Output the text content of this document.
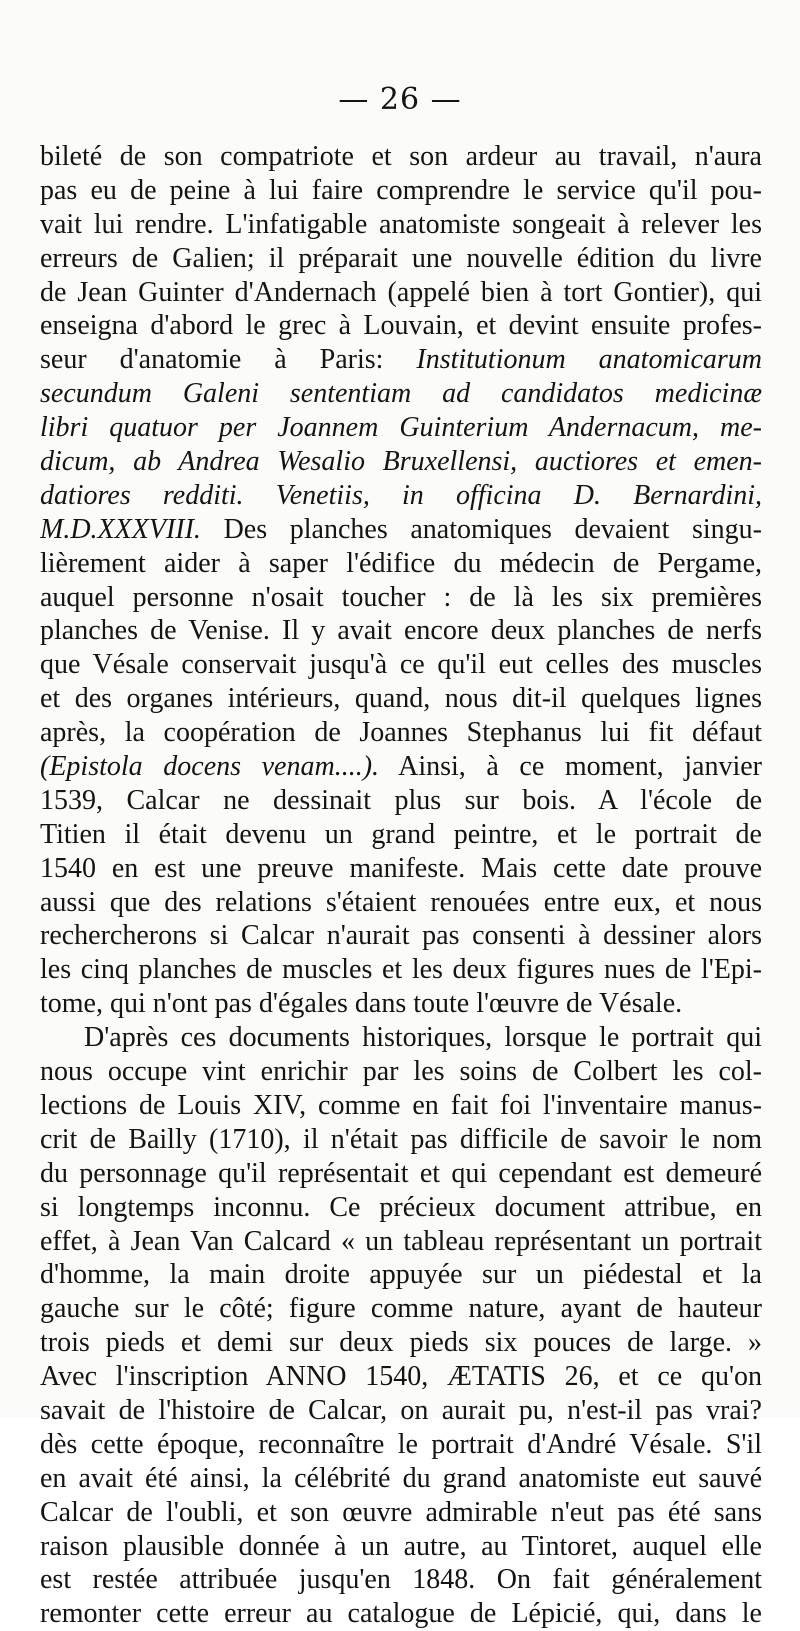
— 26 —
bileté de son compatriote et son ardeur au travail, n'aura
pas eu de peine à lui faire comprendre le service qu'il pou-
vait lui rendre. L'infatigable anatomiste songeait à relever les
erreurs de Galien; il préparait une nouvelle édition du livre
de Jean Guinter d'Andernach (appelé bien à tort Gontier), qui
enseigna d'abord le grec à Louvain, et devint ensuite profes-
seur d'anatomie à Paris: Institutionum anatomicarum
secundum Galeni sententiam ad candidatos medicinæ
libri quatuor per Joannem Guinterium Andernacum, me-
dicum, ab Andrea Wesalio Bruxellensi, auctiores et emen-
datiores redditi. Venetiis, in officina D. Bernardini,
M.D.XXXVIII. Des planches anatomiques devaient singu-
lièrement aider à saper l'édifice du médecin de Pergame,
auquel personne n'osait toucher : de là les six premières
planches de Venise. Il y avait encore deux planches de nerfs
que Vésale conservait jusqu'à ce qu'il eut celles des muscles
et des organes intérieurs, quand, nous dit-il quelques lignes
après, la coopération de Joannes Stephanus lui fit défaut
(Epistola docens venam....). Ainsi, à ce moment, janvier
1539, Calcar ne dessinait plus sur bois. A l'école de
Titien il était devenu un grand peintre, et le portrait de
1540 en est une preuve manifeste. Mais cette date prouve
aussi que des relations s'étaient renouées entre eux, et nous
rechercherons si Calcar n'aurait pas consenti à dessiner alors
les cinq planches de muscles et les deux figures nues de l'Epi-
tome, qui n'ont pas d'égales dans toute l'œuvre de Vésale.
D'après ces documents historiques, lorsque le portrait qui
nous occupe vint enrichir par les soins de Colbert les col-
lections de Louis XIV, comme en fait foi l'inventaire manus-
crit de Bailly (1710), il n'était pas difficile de savoir le nom
du personnage qu'il représentait et qui cependant est demeuré
si longtemps inconnu. Ce précieux document attribue, en
effet, à Jean Van Calcard « un tableau représentant un portrait
d'homme, la main droite appuyée sur un piédestal et la
gauche sur le côté; figure comme nature, ayant de hauteur
trois pieds et demi sur deux pieds six pouces de large. »
Avec l'inscription ANNO 1540, ÆTATIS 26, et ce qu'on
savait de l'histoire de Calcar, on aurait pu, n'est-il pas vrai?
dès cette époque, reconnaître le portrait d'André Vésale. S'il
en avait été ainsi, la célébrité du grand anatomiste eut sauvé
Calcar de l'oubli, et son œuvre admirable n'eut pas été sans
raison plausible donnée à un autre, au Tintoret, auquel elle
est restée attribuée jusqu'en 1848. On fait généralement
remonter cette erreur au catalogue de Lépicié, qui, dans le
